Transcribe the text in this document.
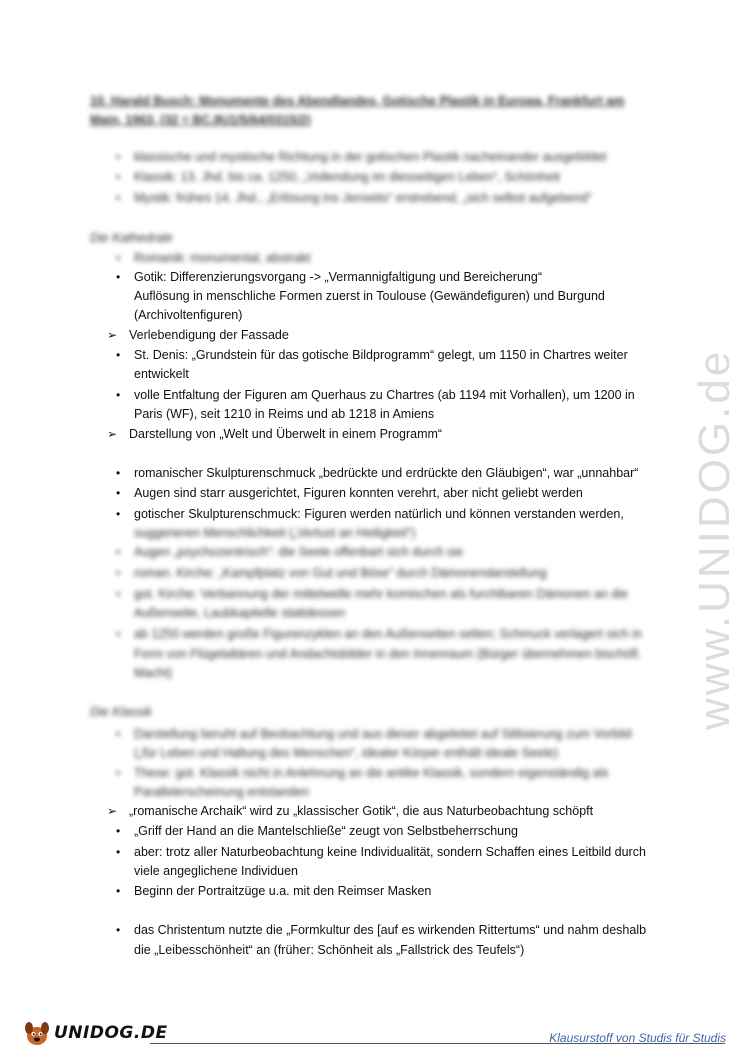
10. Harald Busch: Monumente des Abendlandes, Gotische Plastik in Europa, Frankfurt am Main, 1963, (32 = BC.8U1/5/64/0315/2)
• klassische und mystische Richtung in der gotischen Plastik nacheinander ausgebildet
• Klassik: 13. Jhd. bis ca. 1250, „Vollendung im diesseitigen Leben“, Schönheit
• Mystik: frühes 14. Jhd., „Erlösung ins Jenseits“ erstrebend, „sich selbst aufgebend“
• Romanik: monumental, abstrakt
• Gotik: Differenzierungsvorgang -> „Vermannigfaltigung und Bereicherung“
Auflösung in menschliche Formen zuerst in Toulouse (Gewändefiguren) und Burgund
(Archivoltenfiguren)
➢ Verlebendigung der Fassade
• St. Denis: „Grundstein für das gotische Bildprogramm“ gelegt, um 1150 in Chartres weiter
entwickelt
• volle Entfaltung der Figuren am Querhaus zu Chartres (ab 1194 mit Vorhallen), um 1200 in
Paris (WF), seit 1210 in Reims und ab 1218 in Amiens
➢ Darstellung von „Welt und Überwelt in einem Programm“
• romanischer Skulpturenschmuck „bedrückte und erdrückte den Gläubigen“, war „unnahbar“
• Augen sind starr ausgerichtet, Figuren konnten verehrt, aber nicht geliebt werden
• gotischer Skulpturenschmuck: Figuren werden natürlich und können verstanden werden,
suggerieren Menschlichkeit („Verlust an Heiligkeit“)
• Augen „psychozentrisch“: die Seele offenbart sich durch sie
• roman. Kirche: „Kampfplatz von Gut und Böse“ durch Dämonendarstellung
• got. Kirche: Verbannung der mittelwelle mehr komischen als furchtbaren Dämonen an die
Außenseite, Laubkapitelle stattdessen
• ab 1250 werden große Figurenzyklen an den Außenseiten selten; Schmuck verlagert sich in
Form von Flügelaltären und Andachtsbilder in den Innenraum (Bürger übernehmen bischöfl.
Macht)
• Darstellung beruht auf Beobachtung und aus dieser abgeleitet auf Stilisierung zum Vorbild
(„für Leben und Haltung des Menschen“, idealer Körper enthält ideale Seele)
• These: got. Klassik nicht in Anlehnung an die antike Klassik, sondern eigenständig als
Parallelerscheinung entstanden
➢ „romanische Archaik“ wird zu „klassischer Gotik“, die aus Naturbeobachtung schöpft
• „Griff der Hand an die Mantelschließe“ zeugt von Selbstbeherrschung
• aber: trotz aller Naturbeobachtung keine Individualität, sondern Schaffen eines Leitbild durch
viele angeglichene Individuen
• Beginn der Portraitzüge u.a. mit den Reimser Masken
• das Christentum nutzte die „Formkultur des [auf es wirkenden Rittertums“ und nahm deshalb
die „Leibesschönheit“ an (früher: Schönheit als „Fallstrick des Teufels“)
Die Kathedrale
Die Klassik	www.UNIDOG.de
UNIDOG.DE	Klausurstoff von Studis für Studis
